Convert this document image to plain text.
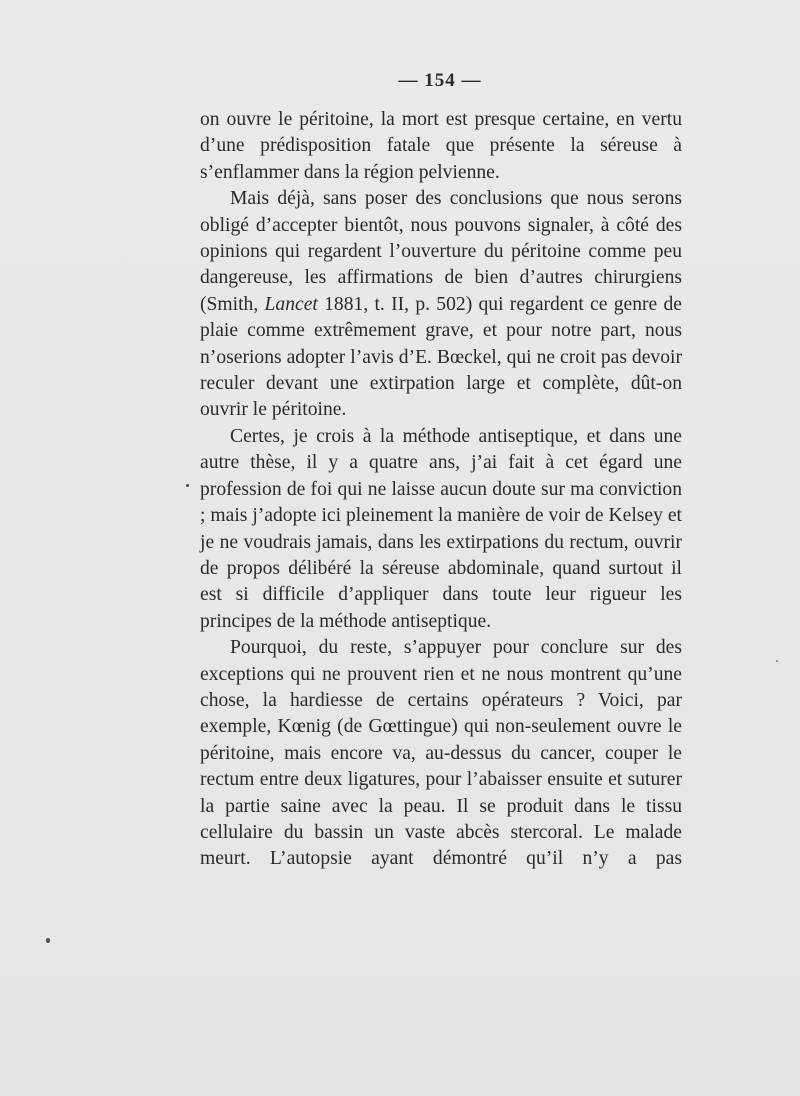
— 154 —

on ouvre le péritoine, la mort est presque certaine, en vertu d’une prédisposition fatale que présente la séreuse à s’enflammer dans la région pelvienne.

Mais déjà, sans poser des conclusions que nous serons obligé d’accepter bientôt, nous pouvons signaler, à côté des opinions qui regardent l’ouverture du péritoine comme peu dangereuse, les affirmations de bien d’autres chirurgiens (Smith, Lancet 1881, t. II, p. 502) qui regardent ce genre de plaie comme extrêmement grave, et pour notre part, nous n’oserions adopter l’avis d’E. Bœckel, qui ne croit pas devoir reculer devant une extirpation large et complète, dût-on ouvrir le péritoine.

Certes, je crois à la méthode antiseptique, et dans une autre thèse, il y a quatre ans, j’ai fait à cet égard une profession de foi qui ne laisse aucun doute sur ma conviction ; mais j’adopte ici pleinement la manière de voir de Kelsey et je ne voudrais jamais, dans les extirpations du rectum, ouvrir de propos délibéré la séreuse abdominale, quand surtout il est si difficile d’appliquer dans toute leur rigueur les principes de la méthode antiseptique.

Pourquoi, du reste, s’appuyer pour conclure sur des exceptions qui ne prouvent rien et ne nous montrent qu’une chose, la hardiesse de certains opérateurs ? Voici, par exemple, Kœnig (de Gœttingue) qui non-seulement ouvre le péritoine, mais encore va, au-dessus du cancer, couper le rectum entre deux ligatures, pour l’abaisser ensuite et suturer la partie saine avec la peau. Il se produit dans le tissu cellulaire du bassin un vaste abcès stercoral. Le malade meurt. L’autopsie ayant démontré qu’il n’y a pas
